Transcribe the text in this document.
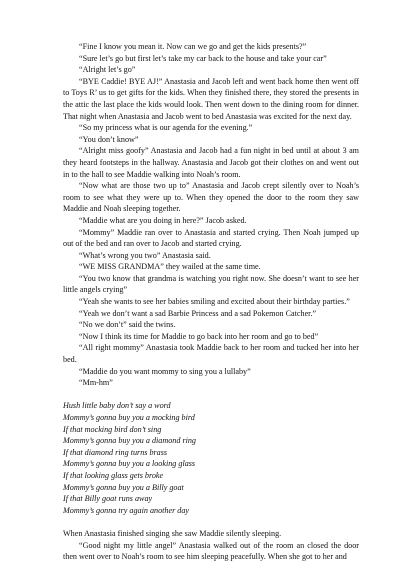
“Fine I know you mean it. Now can we go and get the kids presents?”

“Sure let’s go but first let’s take my car back to the house and take your car”

“Alright let’s go”

“BYE Caddie! BYE AJ!” Anastasia and Jacob left and went back home then went off to Toys R’ us to get gifts for the kids. When they finished there, they stored the presents in the attic the last place the kids would look. Then went down to the dining room for dinner. That night when Anastasia and Jacob went to bed Anastasia was excited for the next day.

“So my princess what is our agenda for the evening.”

“You don’t know”

“Alright miss goofy” Anastasia and Jacob had a fun night in bed until at about 3 am they heard footsteps in the hallway. Anastasia and Jacob got their clothes on and went out in to the hall to see Maddie walking into Noah’s room.

“Now what are those two up to” Anastasia and Jacob crept silently over to Noah’s room to see what they were up to. When they opened the door to the room they saw Maddie and Noah sleeping together.

“Maddie what are you doing in here?” Jacob asked.

“Mommy” Maddie ran over to Anastasia and started crying. Then Noah jumped up out of the bed and ran over to Jacob and started crying.

“What’s wrong you two” Anastasia said.

“WE MISS GRANDMA” they wailed at the same time.

“You two know that grandma is watching you right now. She doesn’t want to see her little angels crying”

“Yeah she wants to see her babies smiling and excited about their birthday parties.”

“Yeah we don’t want a sad Barbie Princess and a sad Pokemon Catcher.”

“No we don’t” said the twins.

“Now I think its time for Maddie to go back into her room and go to bed”

“All right mommy” Anastasia took Maddie back to her room and tucked her into her bed.

“Maddie do you want mommy to sing you a lullaby”

“Mm-hm”

Hush little baby don’t say a word

Mommy’s gonna buy you a mocking bird

If that mocking bird don’t sing

Mommy’s gonna buy you a diamond ring

If that diamond ring turns brass

Mommy’s gonna buy you a looking glass

If that looking glass gets broke

Mommy’s gonna buy you a Billy goat

If that Billy goat runs away

Mommy’s gonna try again another day

When Anastasia finished singing she saw Maddie silently sleeping.

“Good night my little angel” Anastasia walked out of the room an closed the door then went over to Noah’s room to see him sleeping peacefully. When she got to her and
